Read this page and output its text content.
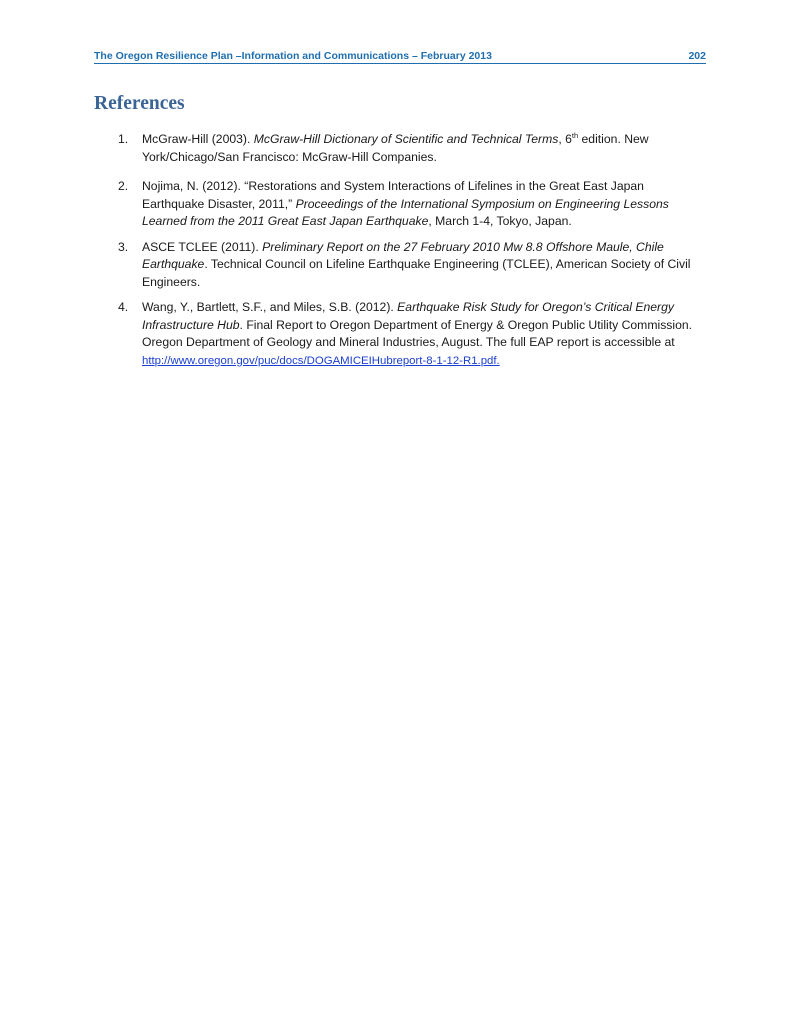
The Oregon Resilience Plan –Information and Communications – February 2013	202
References
1. McGraw-Hill (2003). McGraw-Hill Dictionary of Scientific and Technical Terms, 6th edition. New York/Chicago/San Francisco: McGraw-Hill Companies.
2. Nojima, N. (2012). “Restorations and System Interactions of Lifelines in the Great East Japan Earthquake Disaster, 2011,” Proceedings of the International Symposium on Engineering Lessons Learned from the 2011 Great East Japan Earthquake, March 1-4, Tokyo, Japan.
3. ASCE TCLEE (2011). Preliminary Report on the 27 February 2010 Mw 8.8 Offshore Maule, Chile Earthquake. Technical Council on Lifeline Earthquake Engineering (TCLEE), American Society of Civil Engineers.
4. Wang, Y., Bartlett, S.F., and Miles, S.B. (2012). Earthquake Risk Study for Oregon’s Critical Energy Infrastructure Hub. Final Report to Oregon Department of Energy & Oregon Public Utility Commission. Oregon Department of Geology and Mineral Industries, August. The full EAP report is accessible at http://www.oregon.gov/puc/docs/DOGAMICEIHubreport-8-1-12-R1.pdf.
